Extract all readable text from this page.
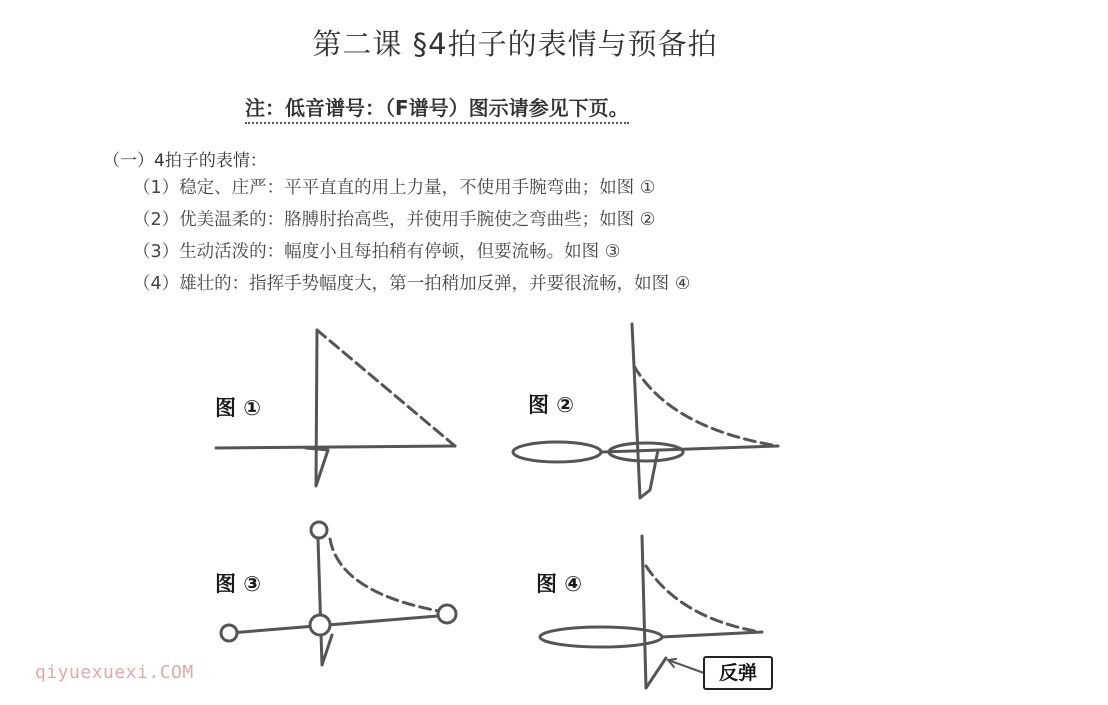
第二课 §4拍子的表情与预备拍
注：低音谱号：（F谱号）图示请参见下页。
（一）4拍子的表情：
（1）稳定、庄严：平平直直的用上力量，不使用手腕弯曲；如图 ①
（2）优美温柔的：胳膊肘抬高些，并使用手腕使之弯曲些；如图 ②
（3）生动活泼的：幅度小且每拍稍有停顿，但要流畅。如图 ③
（4）雄壮的：指挥手势幅度大，第一拍稍加反弹，并要很流畅，如图 ④
图 ①	图 ②
图 ③	图 ④
反弹
qiyuexuexi.COM
